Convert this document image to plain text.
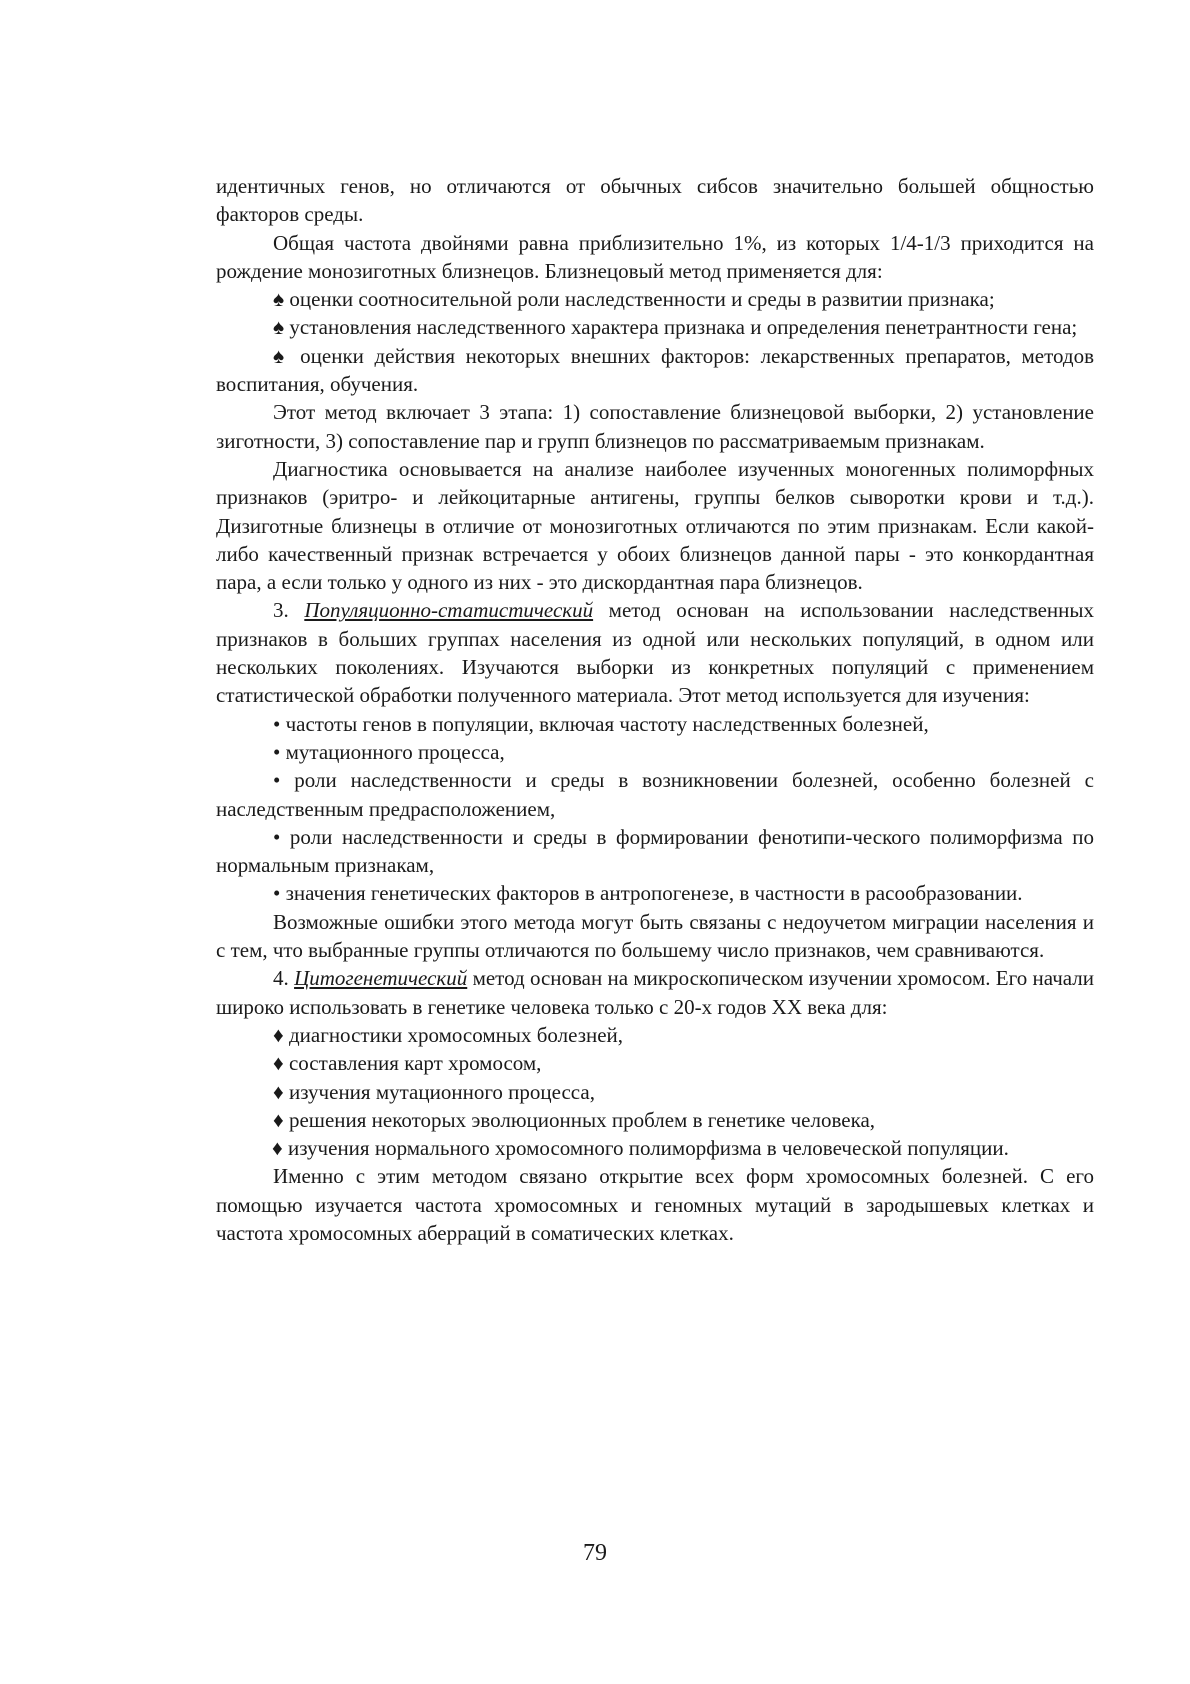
идентичных генов, но отличаются от обычных сибсов значительно большей общностью факторов среды.

Общая частота двойнями равна приблизительно 1%, из которых 1/4-1/3 приходится на рождение монозиготных близнецов. Близнецовый метод применяется для:

♠ оценки соотносительной роли наследственности и среды в развитии признака;

♠ установления наследственного характера признака и определения пенетрантности гена;

♠ оценки действия некоторых внешних факторов: лекарственных препаратов, методов воспитания, обучения.

Этот метод включает 3 этапа: 1) сопоставление близнецовой выборки, 2) установление зиготности, 3) сопоставление пар и групп близнецов по рассматриваемым признакам.

Диагностика основывается на анализе наиболее изученных моногенных полиморфных признаков (эритро- и лейкоцитарные антигены, группы белков сыворотки крови и т.д.). Дизиготные близнецы в отличие от монозиготных отличаются по этим признакам. Если какой-либо качественный признак встречается у обоих близнецов данной пары - это конкордантная пара, а если только у одного из них - это дискордантная пара близнецов.

3. Популяционно-статистический метод основан на использовании наследственных признаков в больших группах населения из одной или нескольких популяций, в одном или нескольких поколениях. Изучаются выборки из конкретных популяций с применением статистической обработки полученного материала. Этот метод используется для изучения:

• частоты генов в популяции, включая частоту наследственных болезней,

• мутационного процесса,

• роли наследственности и среды в возникновении болезней, особенно болезней с наследственным предрасположением,

• роли наследственности и среды в формировании фенотипи-ческого полиморфизма по нормальным признакам,

• значения генетических факторов в антропогенезе, в частности в расообразовании.

Возможные ошибки этого метода могут быть связаны с недоучетом миграции населения и с тем, что выбранные группы отличаются по большему число признаков, чем сравниваются.

4. Цитогенетический метод основан на микроскопическом изучении хромосом. Его начали широко использовать в генетике человека только с 20-х годов XX века для:

♦ диагностики хромосомных болезней,

♦ составления карт хромосом,

♦ изучения мутационного процесса,

♦ решения некоторых эволюционных проблем в генетике человека,

♦ изучения нормального хромосомного полиморфизма в человеческой популяции.

Именно с этим методом связано открытие всех форм хромосомных болезней. С его помощью изучается частота хромосомных и геномных мутаций в зародышевых клетках и частота хромосомных аберраций в соматических клетках.

79
